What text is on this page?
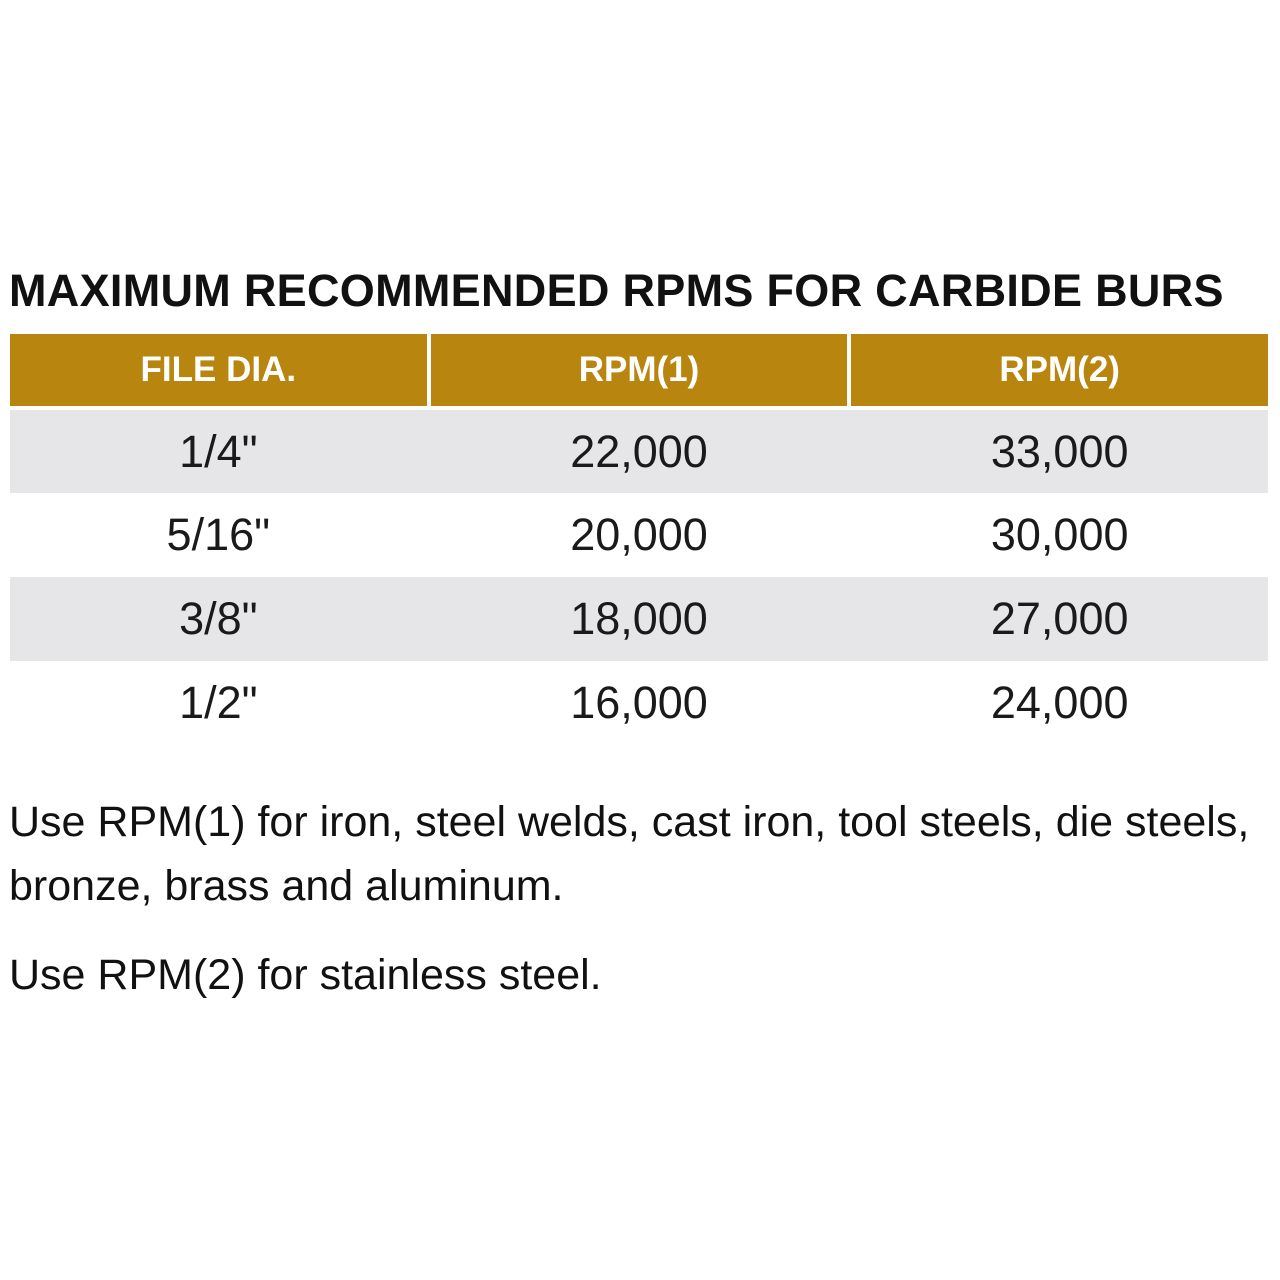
MAXIMUM RECOMMENDED RPMS FOR CARBIDE BURS
FILE DIA.	RPM(1)	RPM(2)
1/4"	22,000	33,000
5/16"	20,000	30,000
3/8"	18,000	27,000
1/2"	16,000	24,000
Use RPM(1) for iron, steel welds, cast iron, tool steels, die steels, bronze, brass and aluminum.
Use RPM(2) for stainless steel.
